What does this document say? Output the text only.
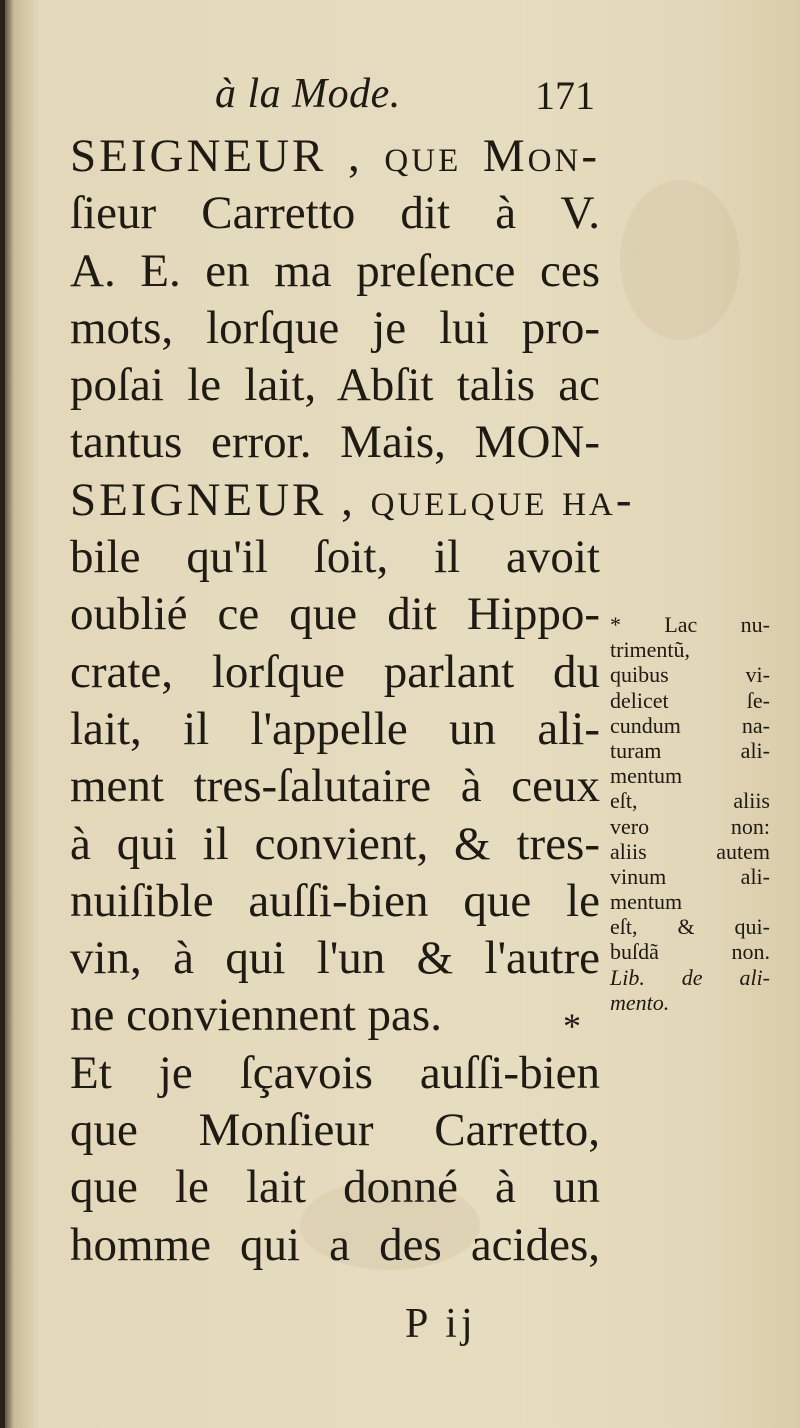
à la Mode.	171
SEIGNEUR , que Mon-
ſieur Carretto dit à V.
A. E. en ma preſence ces
mots, lorſque je lui pro-
poſai le lait, Abſit talis ac
tantus error. Mais, MON-
SEIGNEUR , quelque ha-
bile qu'il ſoit, il avoit
oublié ce que dit Hippo-
crate, lorſque parlant du
lait, il l'appelle un ali-
ment tres-ſalutaire à ceux
à qui il convient, & tres-
nuiſible auſſi-bien que le
vin, à qui l'un & l'autre
ne conviennent pas.
Et je ſçavois auſſi-bien
que Monſieur Carretto,
que le lait donné à un
homme qui a des acides,
*
* Lac nu-
trimentũ,
quibus vi-
delicet ſe-
cundum na-
turam ali-
mentum
eſt, aliis
vero non:
aliis autem
vinum ali-
mentum
eſt, & qui-
buſdã non.
Lib. de ali-
mento.
P ij
